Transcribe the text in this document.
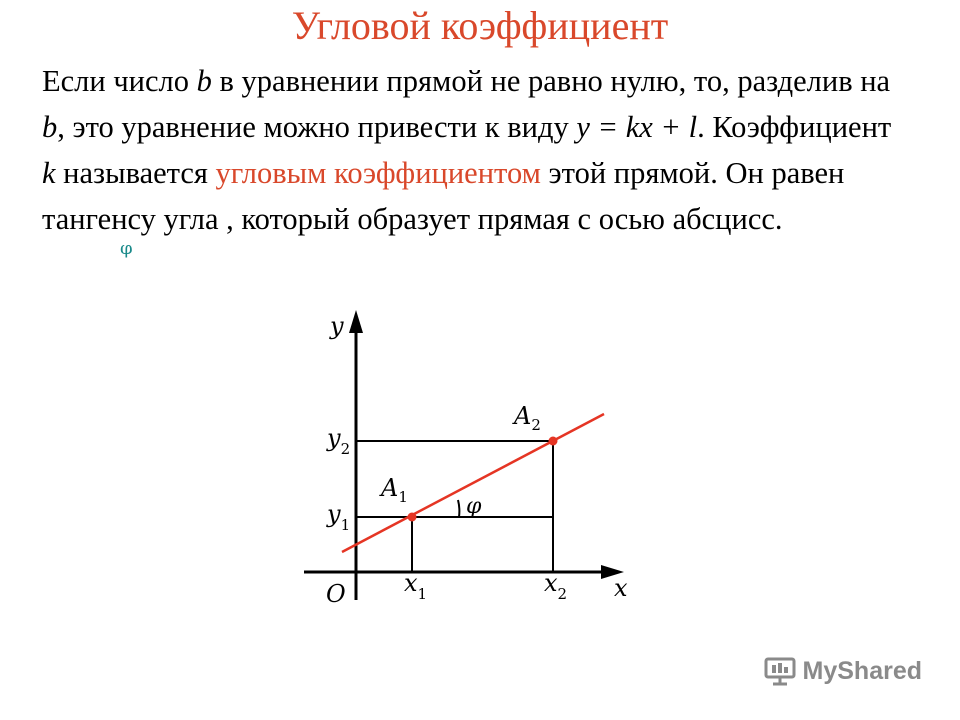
Угловой коэффициент
Если число b в уравнении прямой не равно нулю, то, разделив на b, это уравнение можно привести к виду y = kx + l. Коэффициент k называется угловым коэффициентом этой прямой. Он равен тангенсу угла , который образует прямая с осью абсцисс.
φ
y
x
O
$y_2$
$y_1$
$x_1$	$x_2$
$A_1$
$A_2$
φ
MyShared
